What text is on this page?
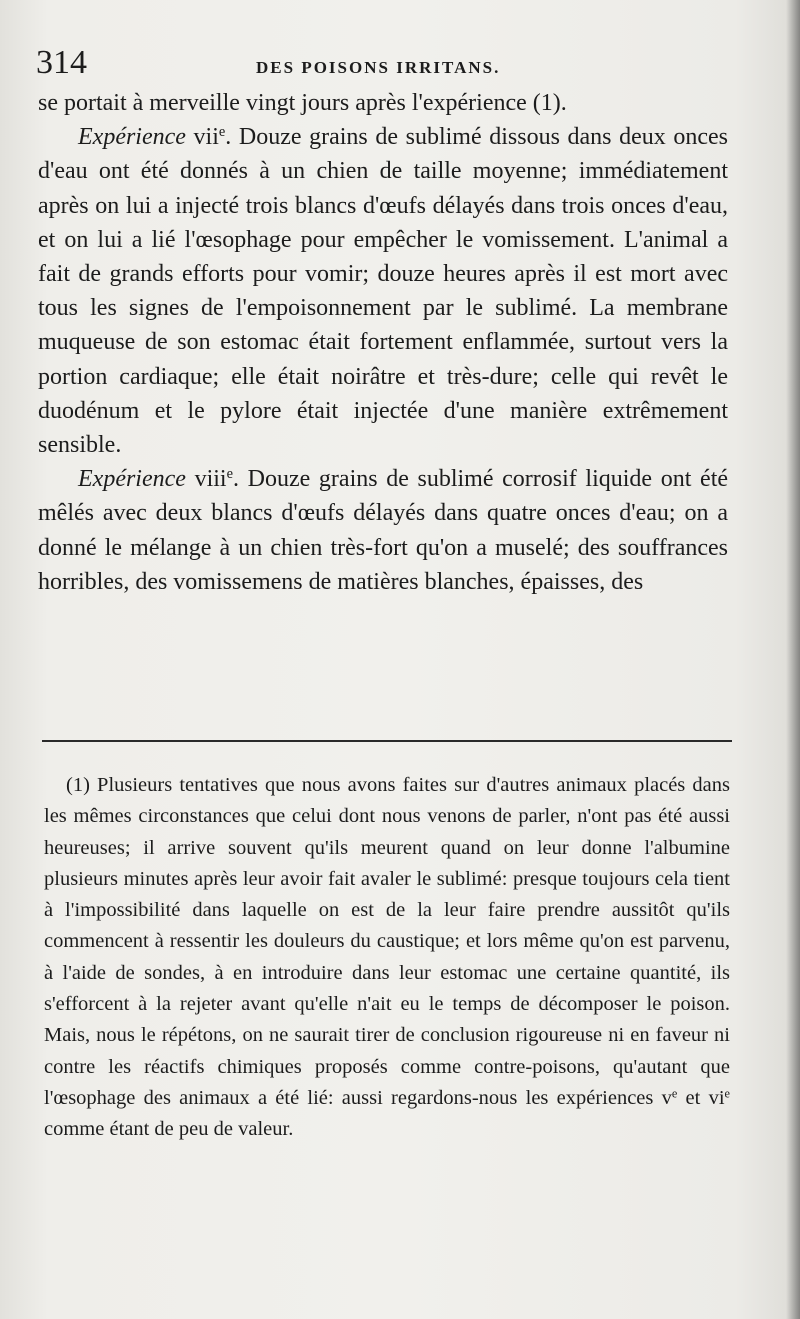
314	DES POISONS IRRITANS.

se portait à merveille vingt jours après l'expérience (1).

Expérience vii$^e$. Douze grains de sublimé dissous dans deux onces d'eau ont été donnés à un chien de taille moyenne; immédiatement après on lui a injecté trois blancs d'œufs délayés dans trois onces d'eau, et on lui a lié l'œsophage pour empêcher le vomissement. L'animal a fait de grands efforts pour vomir; douze heures après il est mort avec tous les signes de l'empoisonnement par le sublimé. La membrane muqueuse de son estomac était fortement enflammée, surtout vers la portion cardiaque; elle était noirâtre et très-dure; celle qui revêt le duodénum et le pylore était injectée d'une manière extrêmement sensible.

Expérience viii$^e$. Douze grains de sublimé corrosif liquide ont été mêlés avec deux blancs d'œufs délayés dans quatre onces d'eau; on a donné le mélange à un chien très-fort qu'on a muselé; des souffrances horribles, des vomissemens de matières blanches, épaisses, des

(1) Plusieurs tentatives que nous avons faites sur d'autres animaux placés dans les mêmes circonstances que celui dont nous venons de parler, n'ont pas été aussi heureuses; il arrive souvent qu'ils meurent quand on leur donne l'albumine plusieurs minutes après leur avoir fait avaler le sublimé: presque toujours cela tient à l'impossibilité dans laquelle on est de la leur faire prendre aussitôt qu'ils commencent à ressentir les douleurs du caustique; et lors même qu'on est parvenu, à l'aide de sondes, à en introduire dans leur estomac une certaine quantité, ils s'efforcent à la rejeter avant qu'elle n'ait eu le temps de décomposer le poison. Mais, nous le répétons, on ne saurait tirer de conclusion rigoureuse ni en faveur ni contre les réactifs chimiques proposés comme contre-poisons, qu'autant que l'œsophage des animaux a été lié: aussi regardons-nous les expériences $v^e$ et $vi^e$ comme étant de peu de valeur.
